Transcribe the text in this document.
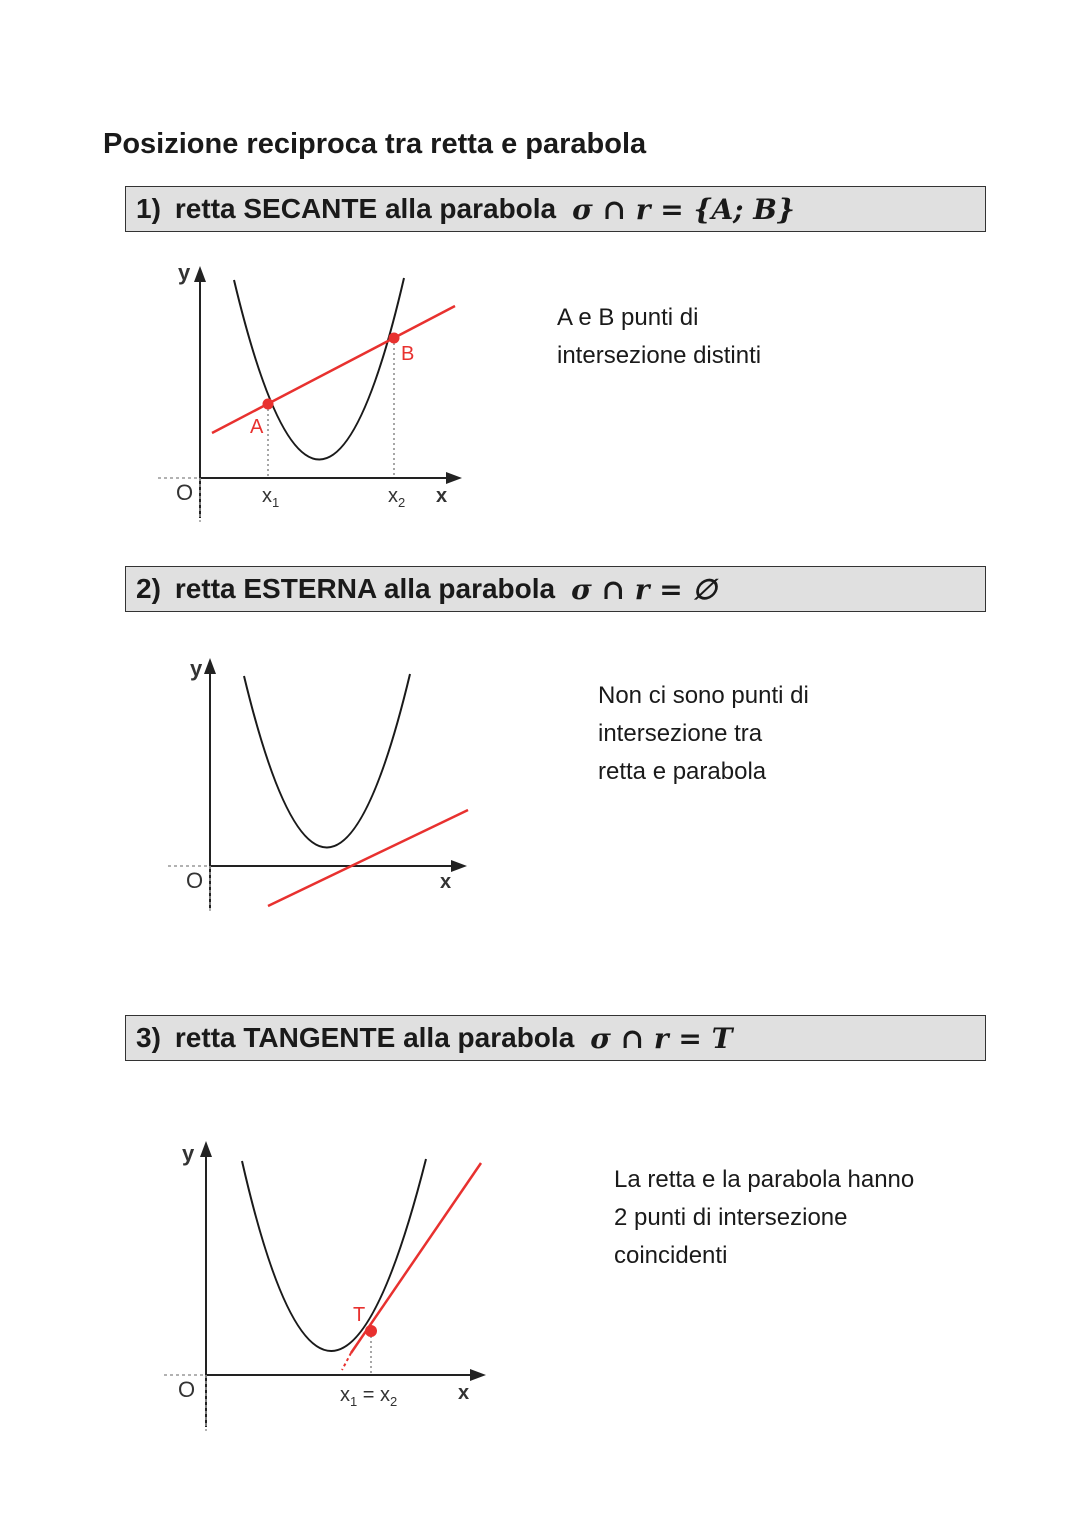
Posizione reciproca tra retta e parabola
1) retta SECANTE alla parabola σ ∩ r = {A; B}
A
B
y
x
O	$x_1$	$x_2$
A e B punti di
intersezione distinti
2) retta ESTERNA alla parabola σ ∩ r = ∅
y
x
O
Non ci sono punti di
intersezione tra
retta e parabola
3) retta TANGENTE alla parabola σ ∩ r = T
T
y
x
O	$x_1 = x_2$
La retta e la parabola hanno
2 punti di intersezione
coincidenti
